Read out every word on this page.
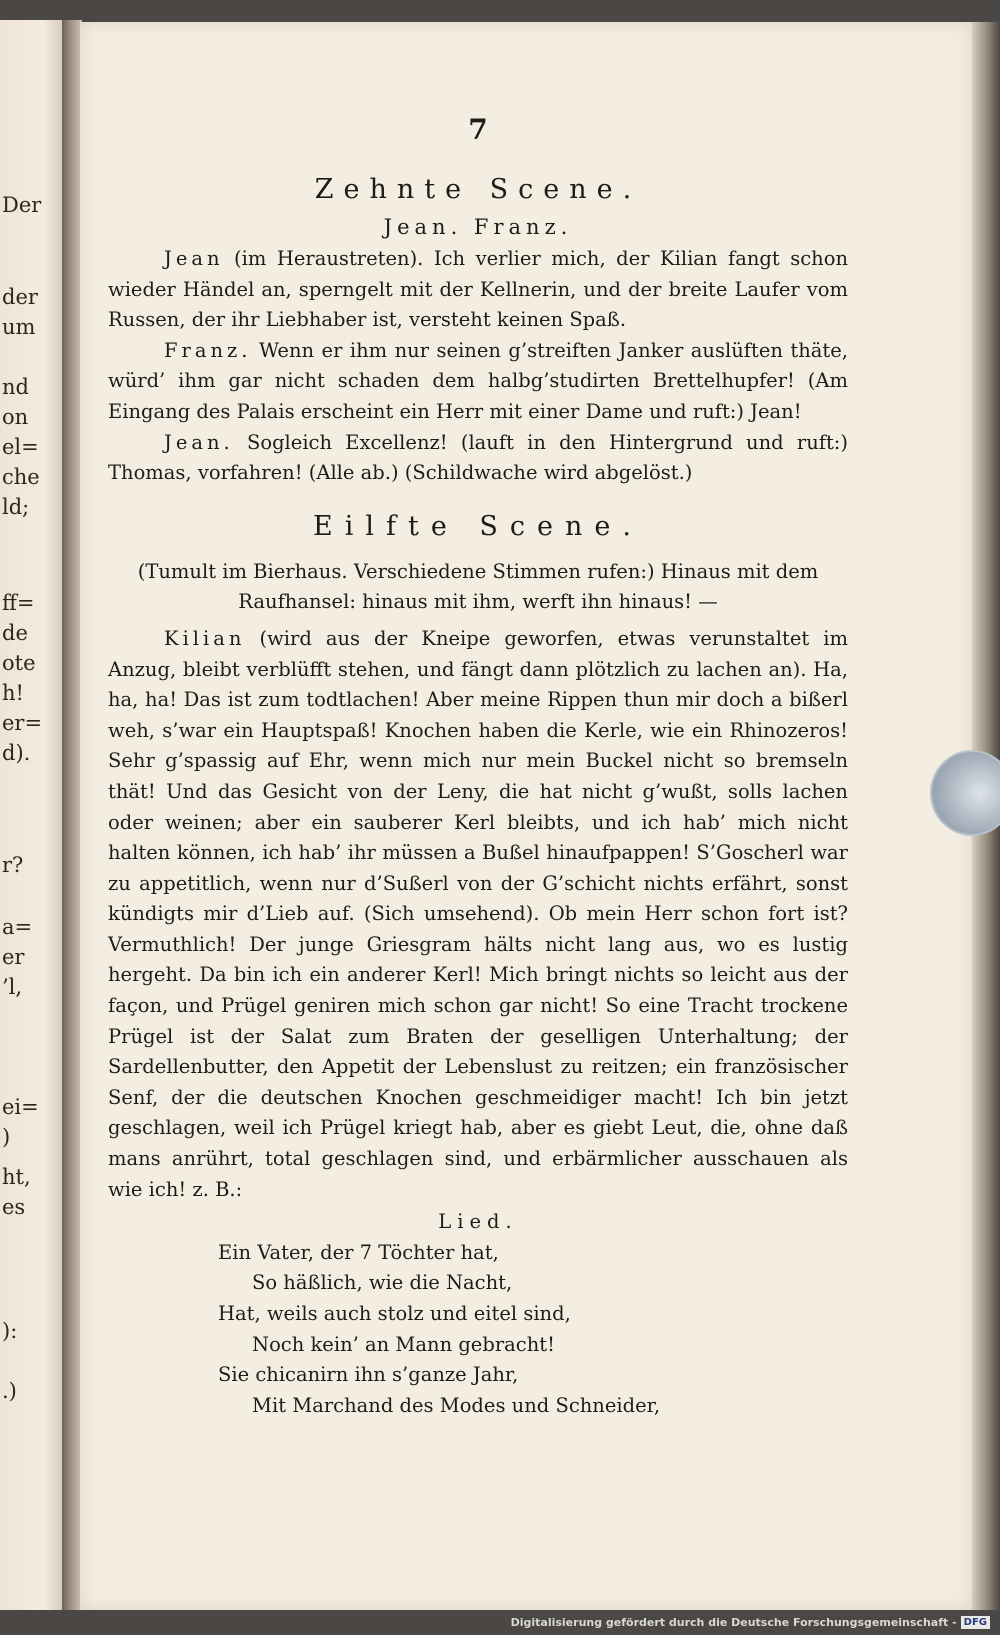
Der
der
um
nd
on
el=
che
ld;
ff=
de
ote
h!
er=
d).
r?
a=
er
’l,
ei=
)
ht,
es
):
.)
7
Zehnte Scene.
Jean. Franz.

Jean (im Heraustreten). Ich verlier mich, der Kilian fangt schon wieder Händel an, sperngelt mit der Kellnerin, und der breite Laufer vom Russen, der ihr Liebhaber ist, versteht keinen Spaß.

Franz. Wenn er ihm nur seinen g’streiften Janker auslüften thäte, würd’ ihm gar nicht schaden dem halbg’studirten Brettelhupfer! (Am Eingang des Palais erscheint ein Herr mit einer Dame und ruft:) Jean!

Jean. Sogleich Excellenz! (lauft in den Hintergrund und ruft:) Thomas, vorfahren! (Alle ab.) (Schildwache wird abgelöst.)

Eilfte Scene.

(Tumult im Bierhaus. Verschiedene Stimmen rufen:) Hinaus mit dem Raufhansel: hinaus mit ihm, werft ihn hinaus! —

Kilian (wird aus der Kneipe geworfen, etwas verunstaltet im Anzug, bleibt verblüfft stehen, und fängt dann plötzlich zu lachen an). Ha, ha, ha! Das ist zum todtlachen! Aber meine Rippen thun mir doch a bißerl weh, s’war ein Hauptspaß! Knochen haben die Kerle, wie ein Rhinozeros! Sehr g’spassig auf Ehr, wenn mich nur mein Buckel nicht so bremseln thät! Und das Gesicht von der Leny, die hat nicht g’wußt, solls lachen oder weinen; aber ein sauberer Kerl bleibts, und ich hab’ mich nicht halten können, ich hab’ ihr müssen a Bußel hinaufpappen! S’Goscherl war zu appetitlich, wenn nur d’Sußerl von der G’schicht nichts erfährt, sonst kündigts mir d’Lieb auf. (Sich umsehend). Ob mein Herr schon fort ist? Vermuthlich! Der junge Griesgram hälts nicht lang aus, wo es lustig hergeht. Da bin ich ein anderer Kerl! Mich bringt nichts so leicht aus der façon, und Prügel geniren mich schon gar nicht! So eine Tracht trockene Prügel ist der Salat zum Braten der geselligen Unterhaltung; der Sardellenbutter, den Appetit der Lebenslust zu reitzen; ein französischer Senf, der die deutschen Knochen geschmeidiger macht! Ich bin jetzt geschlagen, weil ich Prügel kriegt hab, aber es giebt Leut, die, ohne daß mans anrührt, total geschlagen sind, und erbärmlicher ausschauen als wie ich! z. B.:

Lied.
Ein Vater, der 7 Töchter hat,
So häßlich, wie die Nacht,
Hat, weils auch stolz und eitel sind,
Noch kein’ an Mann gebracht!
Sie chicanirn ihn s’ganze Jahr,
Mit Marchand des Modes und Schneider,
Digitalisierung gefördert durch die Deutsche Forschungsgemeinschaft - DFG
